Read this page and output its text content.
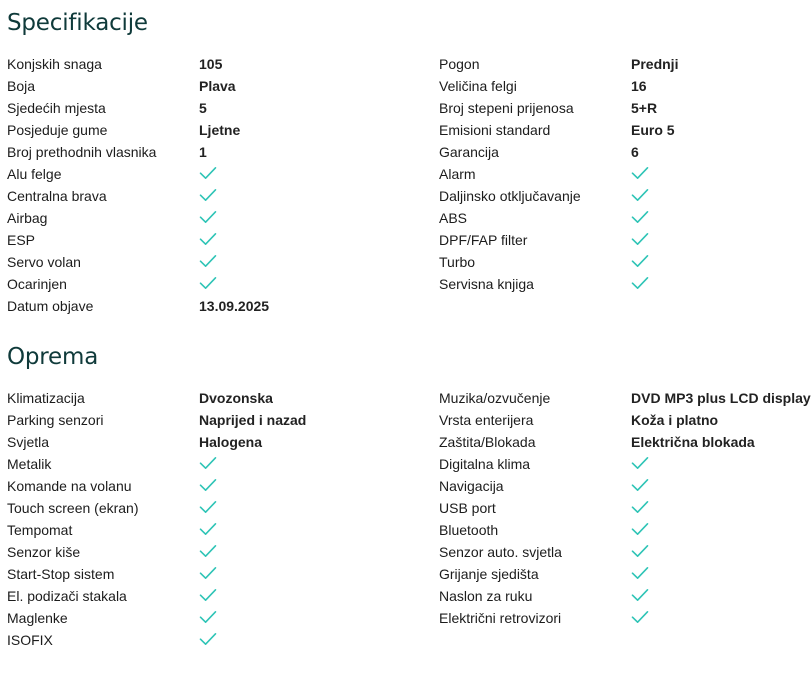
Specifikacije
Konjskih snaga	105	Pogon	Prednji
Boja	Plava	Veličina felgi	16
Sjedećih mjesta	5	Broj stepeni prijenosa	5+R
Posjeduje gume	Ljetne	Emisioni standard	Euro 5
Broj prethodnih vlasnika	1	Garancija	6
Alu felge	Alarm
Centralna brava	Daljinsko otključavanje
Airbag	ABS
ESP	DPF/FAP filter
Servo volan	Turbo
Ocarinjen	Servisna knjiga
Datum objave	13.09.2025
Oprema
Klimatizacija	Dvozonska	Muzika/ozvučenje	DVD MP3 plus LCD display
Parking senzori	Naprijed i nazad	Vrsta enterijera	Koža i platno
Svjetla	Halogena	Zaštita/Blokada	Električna blokada
Metalik	Digitalna klima
Komande na volanu	Navigacija
Touch screen (ekran)	USB port
Tempomat	Bluetooth
Senzor kiše	Senzor auto. svjetla
Start-Stop sistem	Grijanje sjedišta
El. podizači stakala	Naslon za ruku
Maglenke	Električni retrovizori
ISOFIX
